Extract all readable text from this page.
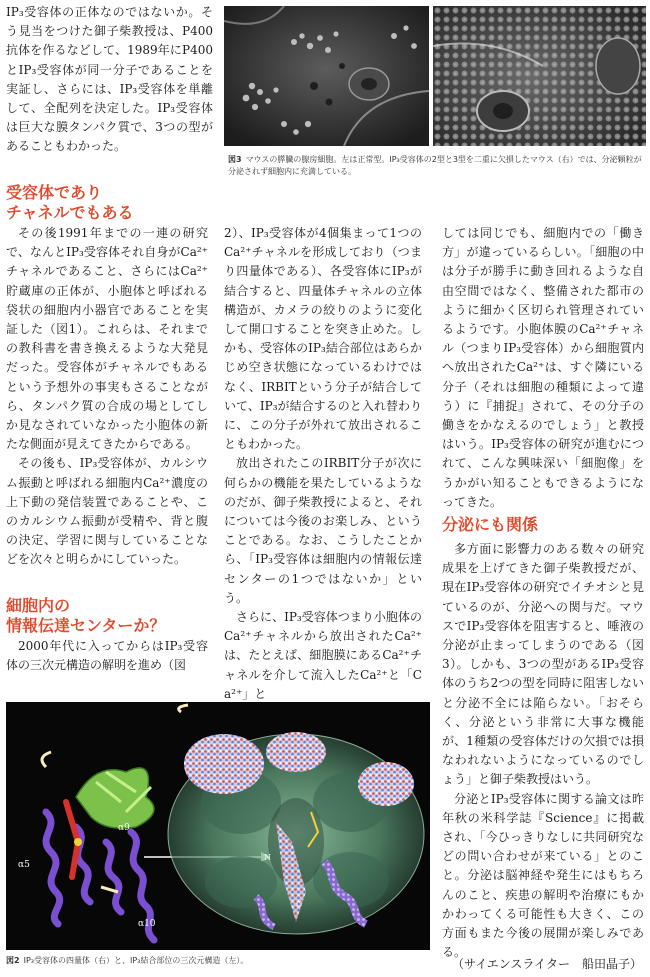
IP₃受容体の正体なのではないか。そう見当をつけた御子柴教授は、P400抗体を作るなどして、1989年にP400とIP₃受容体が同一分子であることを実証し、さらには、IP₃受容体を単離して、全配列を決定した。IP₃受容体は巨大な膜タンパク質で、3つの型があることもわかった。

図3 マウスの膵臓の腺房細胞。左は正常型。IP₃受容体の2型と3型を二重に欠損したマウス（右）では、分泌顆粒が分泌されず細胞内に充満している。
受容体であり
チャネルでもある

その後1991年までの一連の研究で、なんとIP₃受容体それ自身がCa²⁺チャネルであること、さらにはCa²⁺貯蔵庫の正体が、小胞体と呼ばれる袋状の細胞内小器官であることを実証した（図1）。これらは、それまでの教科書を書き換えるような大発見だった。受容体がチャネルでもあるという予想外の事実もさることながら、タンパク質の合成の場としてしか見なされていなかった小胞体の新たな側面が見えてきたからである。

その後も、IP₃受容体が、カルシウム振動と呼ばれる細胞内Ca²⁺濃度の上下動の発信装置であることや、このカルシウム振動が受精や、背と腹の決定、学習に関与していることなどを次々と明らかにしていった。

細胞内の
情報伝達センターか？

2000年代に入ってからはIP₃受容体の三次元構造の解明を進め（図

2）、IP₃受容体が4個集まって1つのCa²⁺チャネルを形成しており（つまり四量体である）、各受容体にIP₃が結合すると、四量体チャネルの立体構造が、カメラの絞りのように変化して開口することを突き止めた。しかも、受容体のIP₃結合部位はあらかじめ空き状態になっているわけではなく、IRBITという分子が結合していて、IP₃が結合するのと入れ替わりに、この分子が外れて放出されることもわかった。

放出されたこのIRBIT分子が次に何らかの機能を果たしているようなのだが、御子柴教授によると、それについては今後のお楽しみ、ということである。なお、こうしたことから、「IP₃受容体は細胞内の情報伝達センターの1つではないか」という。

さらに、IP₃受容体つまり小胞体のCa²⁺チャネルから放出されたCa²⁺は、たとえば、細胞膜にあるCa²⁺チャネルを介して流入したCa²⁺と「Ca²⁺」と

しては同じでも、細胞内での「働き方」が違っているらしい。「細胞の中は分子が勝手に動き回れるような自由空間ではなく、整備された都市のように細かく区切られ管理されているようです。小胞体膜のCa²⁺チャネル（つまりIP₃受容体）から細胞質内へ放出されたCa²⁺は、すぐ隣にいる分子（それは細胞の種類によって違う）に『捕捉』されて、その分子の働きをかなえるのでしょう」と教授はいう。IP₃受容体の研究が進むにつれて、こんな興味深い「細胞像」をうかがい知ることもできるようになってきた。

分泌にも関係

多方面に影響力のある数々の研究成果を上げてきた御子柴教授だが、現在IP₃受容体の研究でイチオシと見ているのが、分泌への関与だ。マウスでIP₃受容体を阻害すると、唾液の分泌が止まってしまうのである（図3）。しかも、3つの型があるIP₃受容体のうち2つの型を同時に阻害しないと分泌不全には陥らない。「おそらく、分泌という非常に大事な機能が、1種類の受容体だけの欠損では損なわれないようになっているのでしょう」と御子柴教授はいう。

分泌とIP₃受容体に関する論文は昨年秋の米科学誌『Science』に掲載され、「今ひっきりなしに共同研究などの問い合わせが来ている」とのこと。分泌は脳神経や発生にはもちろんのこと、疾患の解明や治療にもかかわってくる可能性も大きく、この方面もまた今後の展開が楽しみである。

α5
α9
α10
N
C
図2 IP₃受容体の四量体（右）と、IP₃結合部位の三次元構造（左）。	（サイエンスライター　船田晶子）
